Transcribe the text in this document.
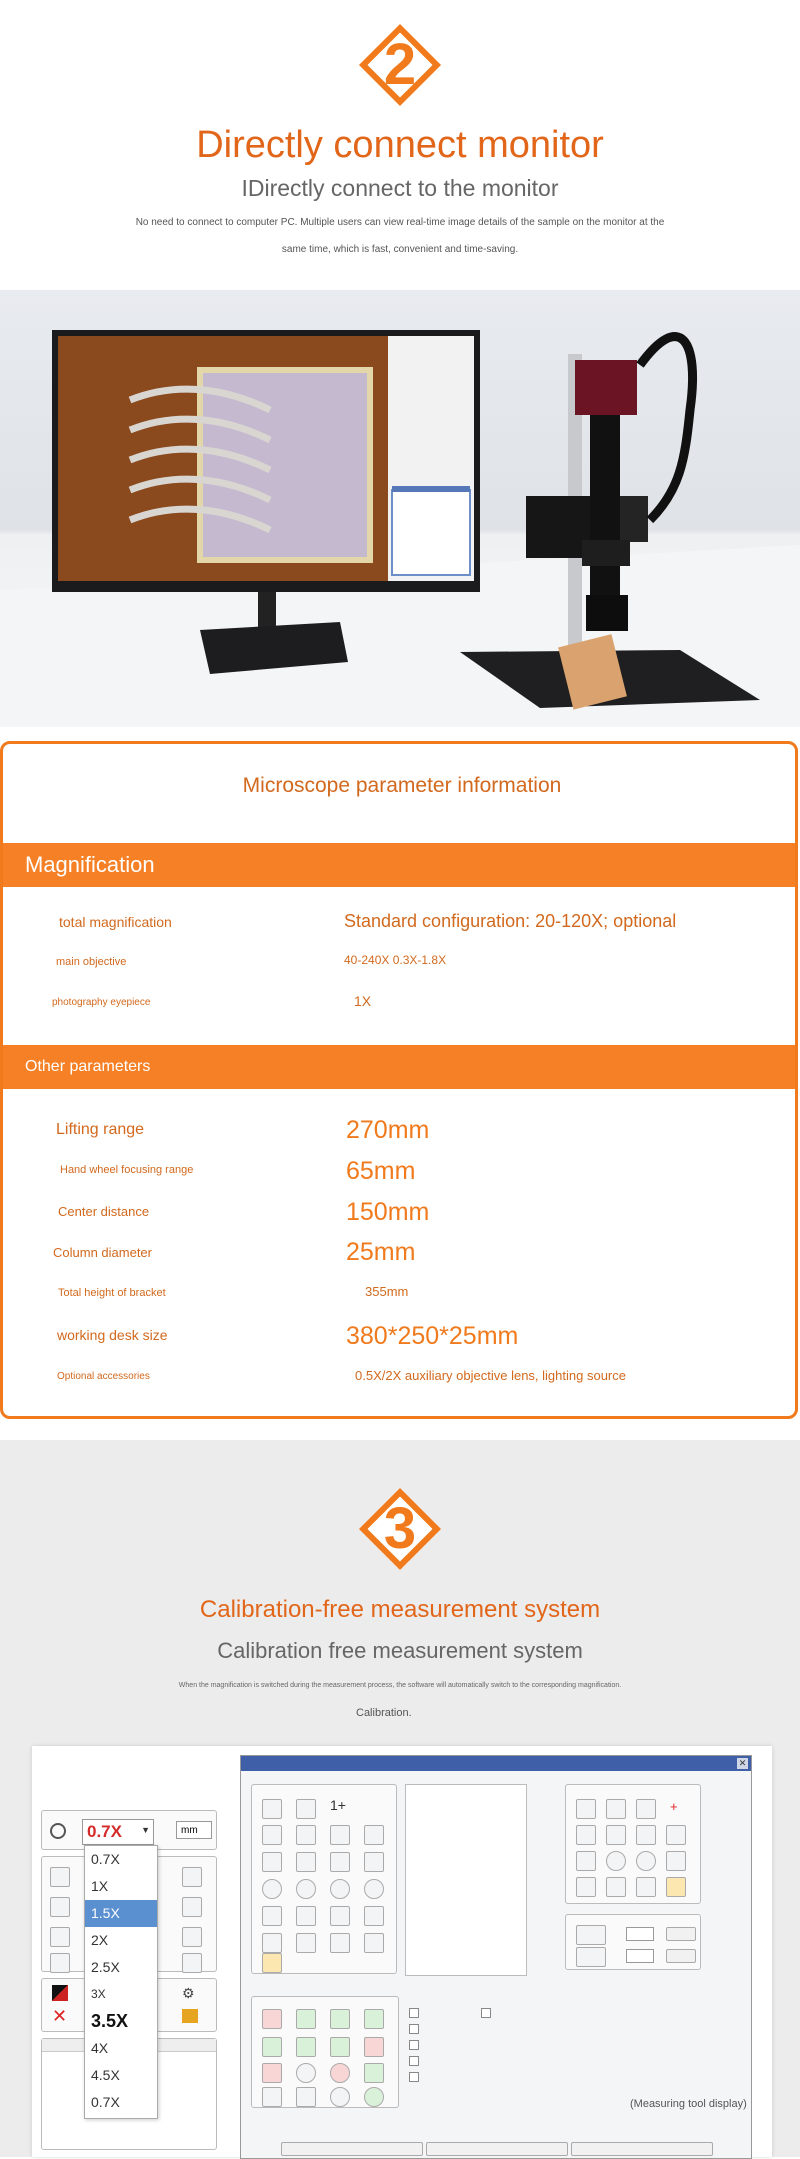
2
Directly connect monitor
IDirectly connect to the monitor
No need to connect to computer PC. Multiple users can view real-time image details of the sample on the monitor at the
same time, which is fast, convenient and time-saving.
Microscope parameter information
Magnification
total magnification	Standard configuration: 20-120X; optional
main objective	40-240X 0.3X-1.8X
photography eyepiece	1X
Other parameters
Lifting range	270mm
Hand wheel focusing range	65mm
Center distance	150mm
Column diameter	25mm
Total height of bracket	355mm
working desk size	380*250*25mm
Optional accessories	0.5X/2X auxiliary objective lens, lighting source
3
Calibration-free measurement system
Calibration free measurement system
When the magnification is switched during the measurement process, the software will automatically switch to the corresponding magnification.
Calibration.
0.7X ▼	mm
✕
⚙
0.7X
1X
1.5X
2X
2.5X
3X
3.5X
4X
4.5X
0.7X
✕
1+	+
(Measuring tool display)
